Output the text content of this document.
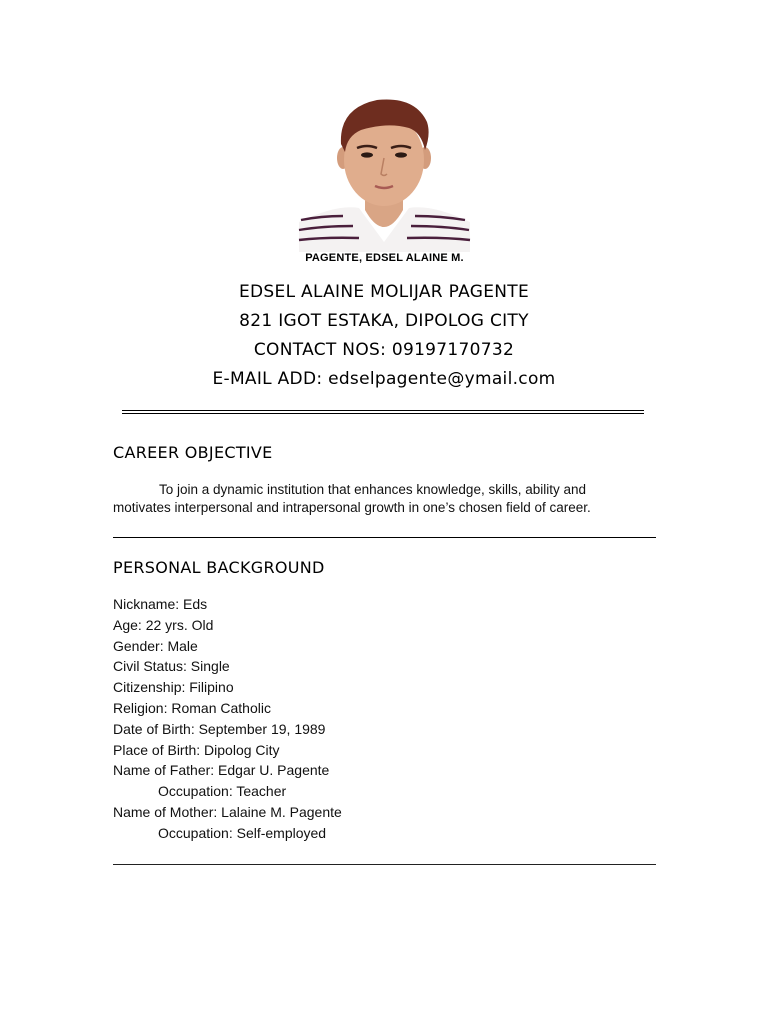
PAGENTE, EDSEL ALAINE M.
EDSEL ALAINE MOLIJAR PAGENTE
821 IGOT ESTAKA, DIPOLOG CITY
CONTACT NOS: 09197170732
E-MAIL ADD: edselpagente@ymail.com
CAREER OBJECTIVE

To join a dynamic institution that enhances knowledge, skills, ability and motivates interpersonal and intrapersonal growth in one’s chosen field of career.

PERSONAL BACKGROUND
Nickname: Eds
Age: 22 yrs. Old
Gender: Male
Civil Status: Single
Citizenship: Filipino
Religion: Roman Catholic
Date of Birth: September 19, 1989
Place of Birth: Dipolog City
Name of Father: Edgar U. Pagente
Occupation: Teacher
Name of Mother: Lalaine M. Pagente
Occupation: Self-employed
